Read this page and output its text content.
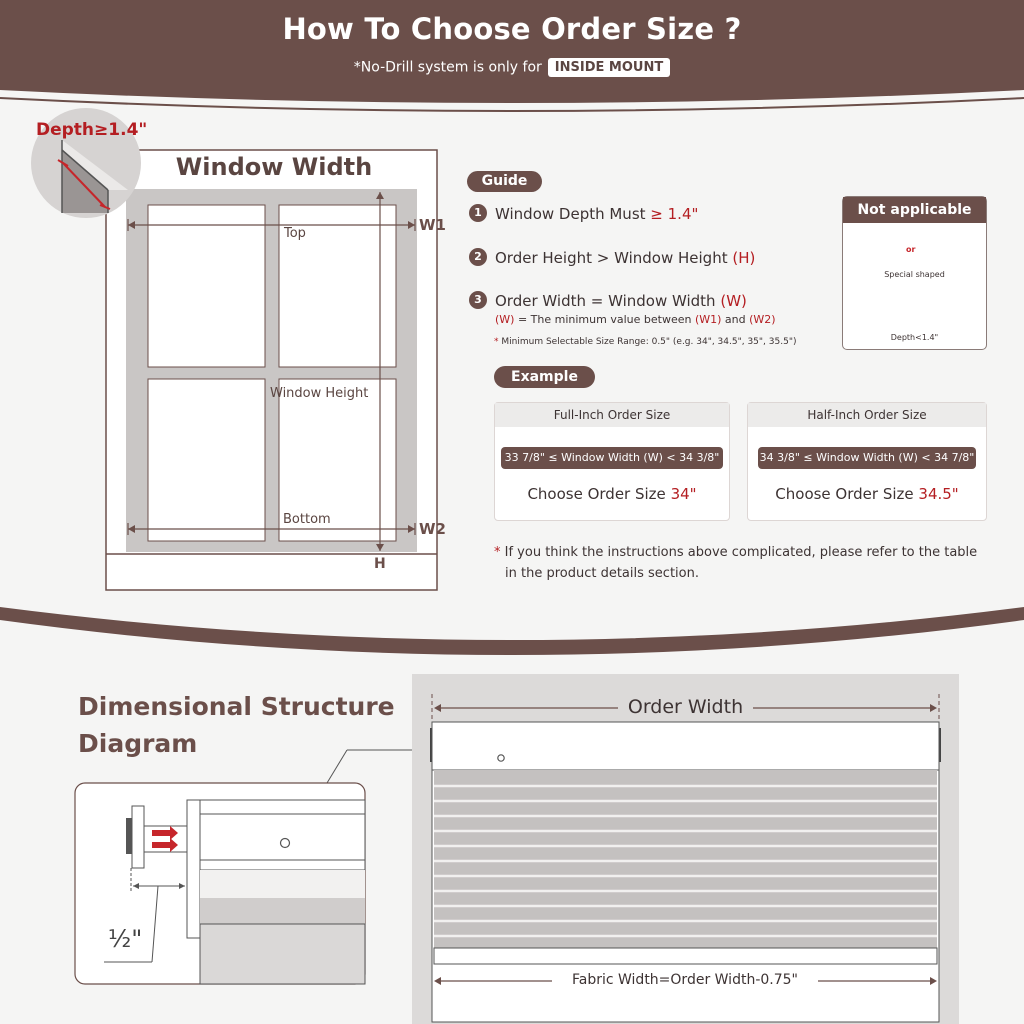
How To Choose Order Size ?
*No-Drill system is only for INSIDE MOUNT
Depth≥1.4"
Window Width
Top
Window Height
Bottom
W1
W2
H
Guide
1 Window Depth Must ≥ 1.4"
2 Order Height > Window Height (H)
3 Order Width = Window Width (W)
(W) = The minimum value between (W1) and (W2)
* Minimum Selectable Size Range: 0.5" (e.g. 34", 34.5", 35", 35.5")
Not applicable
or
Special shaped
Depth<1.4"
Example
Full-Inch Order Size
33 7/8" ≤ Window Width (W) < 34 3/8"
Choose Order Size 34"
Half-Inch Order Size
34 3/8" ≤ Window Width (W) < 34 7/8"
Choose Order Size 34.5"
* If you think the instructions above complicated, please refer to the table
in the product details section.
Dimensional Structure
Diagram
½"
Order Width
Fabric Width=Order Width-0.75"
